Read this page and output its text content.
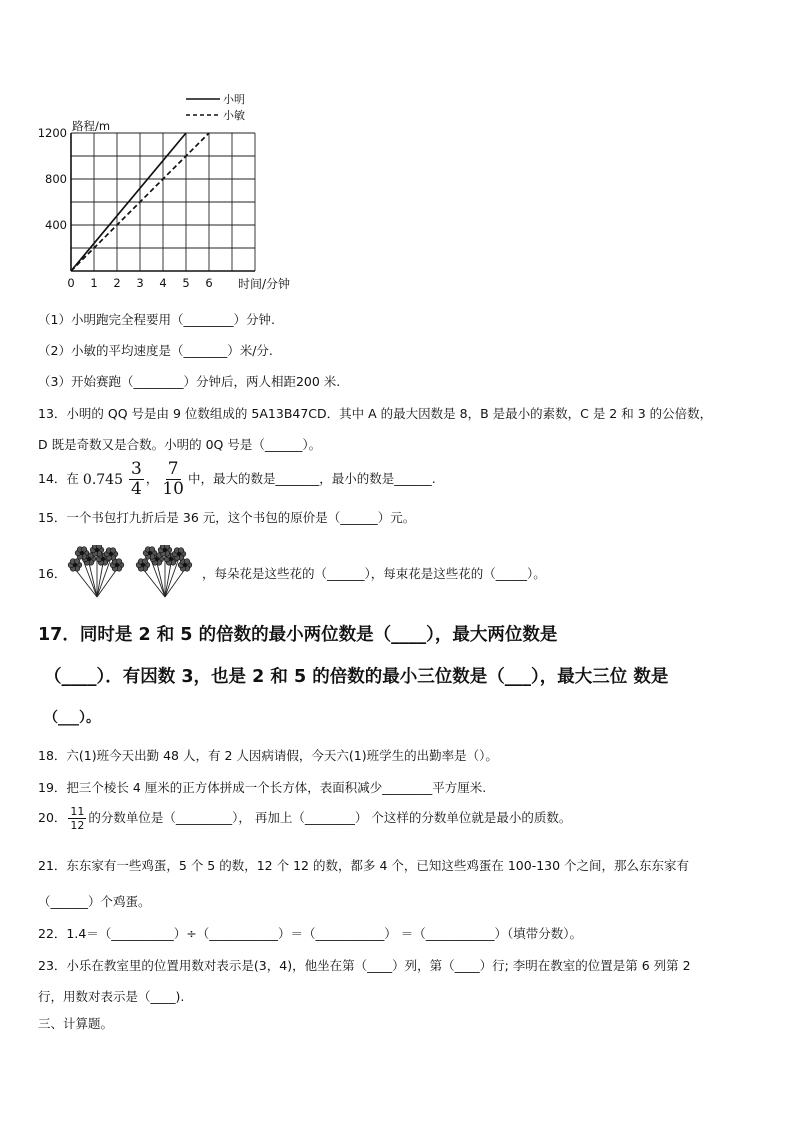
1200
800
400
0 1 2 3 4 5 6
路程/m
时间/分钟
小明
小敏
（1）小明跑完全程要用（________）分钟.
（2）小敏的平均速度是（_______）米/分.
（3）开始赛跑（________）分钟后，两人相距200 米.
13．小明的 QQ 号是由 9 位数组成的 5A13B47CD．其中 A 的最大因数是 8，B 是最小的素数，C 是 2 和 3 的公倍数，
D 既是奇数又是合数。小明的 0Q 号是（______）。
14．在 $0.745 \frac{3}{4}$ ， $\frac{7}{10}$ 中，最大的数是_______，最小的数是______.
15．一个书包打九折后是 36 元，这个书包的原价是（______）元。
16．	，每朵花是这些花的（______），每束花是这些花的（_____）。
17．同时是 2 和 5 的倍数的最小两位数是（____），最大两位数是
（____）．有因数 3，也是 2 和 5 的倍数的最小三位数是（___），最大三位 数是
（___）。
18．六(1)班今天出勤 48 人，有 2 人因病请假，今天六(1)班学生的出勤率是（）。
19．把三个棱长 4 厘米的正方体拼成一个长方体，表面积减少________平方厘米.
20． $\frac{11}{12}$ 的分数单位是（_________）， 再加上（________） 个这样的分数单位就是最小的质数。
21．东东家有一些鸡蛋，5 个 5 的数，12 个 12 的数，都多 4 个，已知这些鸡蛋在 100-130 个之间，那么东东家有
（______）个鸡蛋。
22．1.4＝（__________）÷（___________）＝（___________） ＝（___________）（填带分数）。
23．小乐在教室里的位置用数对表示是(3，4)，他坐在第（____）列，第（____）行; 李明在教室的位置是第 6 列第 2
行，用数对表示是（____).
三、计算题。
